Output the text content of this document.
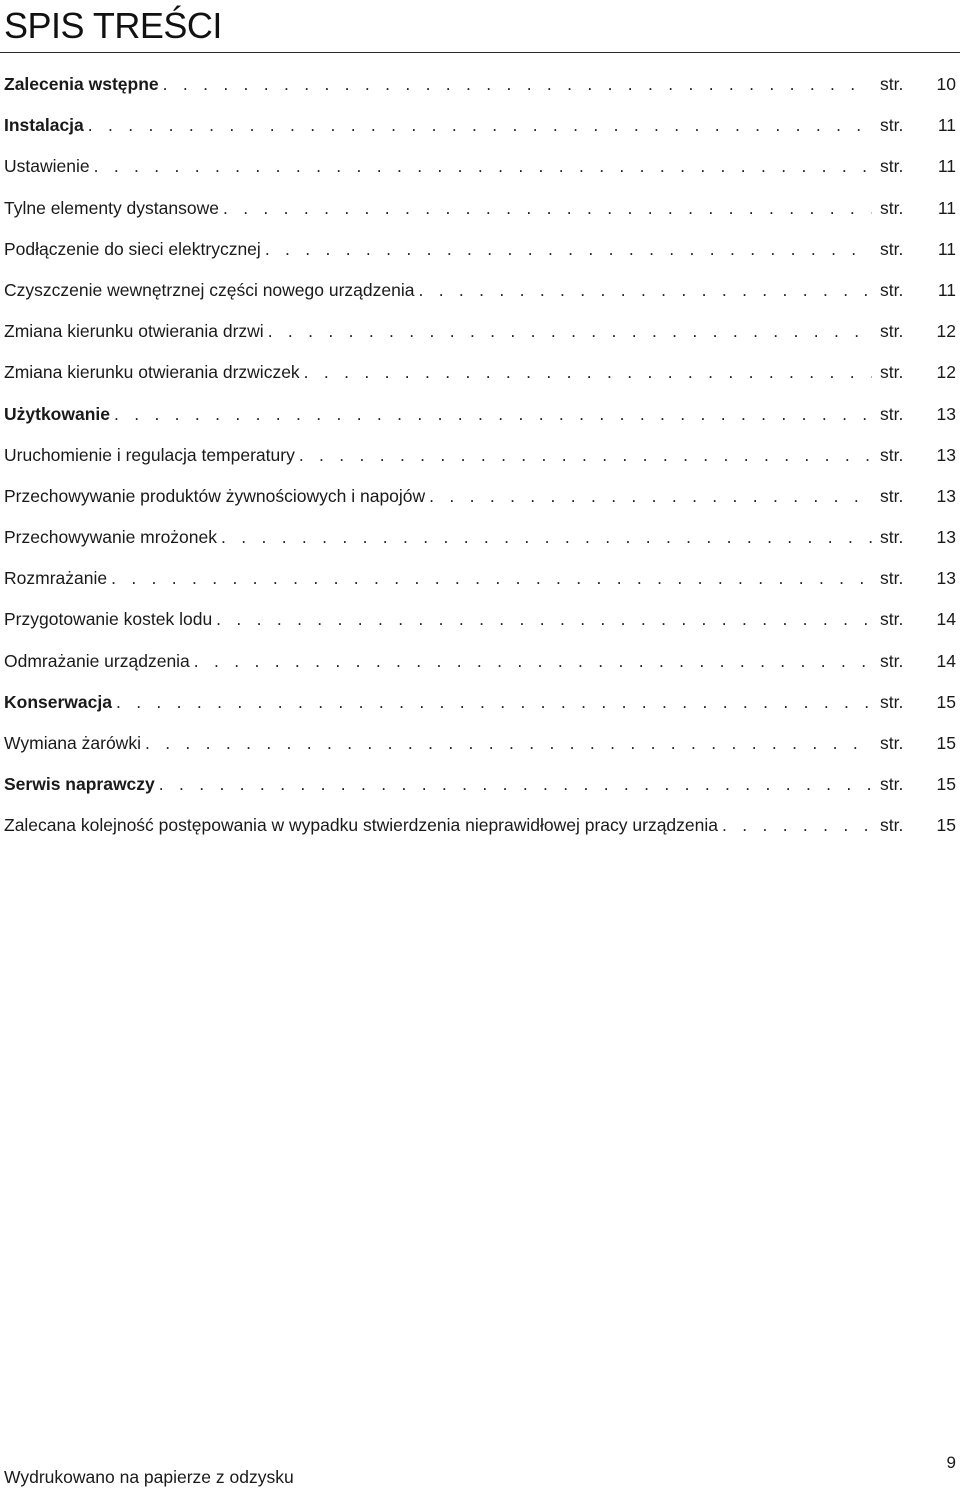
SPIS TREŚCI
Zalecenia wstępne . . .	str.	10
Instalacja . . .	str.	11
Ustawienie . . .	str.	11
Tylne elementy dystansowe . . .	str.	11
Podłączenie do sieci elektrycznej . . .	str.	11
Czyszczenie wewnętrznej części nowego urządzenia . . .	str.	11
Zmiana kierunku otwierania drzwi . . .	str.	12
Zmiana kierunku otwierania drzwiczek . . .	str.	12
Użytkowanie . . .	str.	13
Uruchomienie i regulacja temperatury . . .	str.	13
Przechowywanie produktów żywnościowych i napojów . . .	str.	13
Przechowywanie mrożonek . . .	str.	13
Rozmrażanie . . .	str.	13
Przygotowanie kostek lodu . . .	str.	14
Odmrażanie urządzenia . . .	str.	14
Konserwacja . . .	str.	15
Wymiana żarówki . . .	str.	15
Serwis naprawczy . . .	str.	15
Zalecana kolejność postępowania w wypadku stwierdzenia nieprawidłowej pracy urządzenia . . .	str.	15
Wydrukowano na papierze z odzysku
9
